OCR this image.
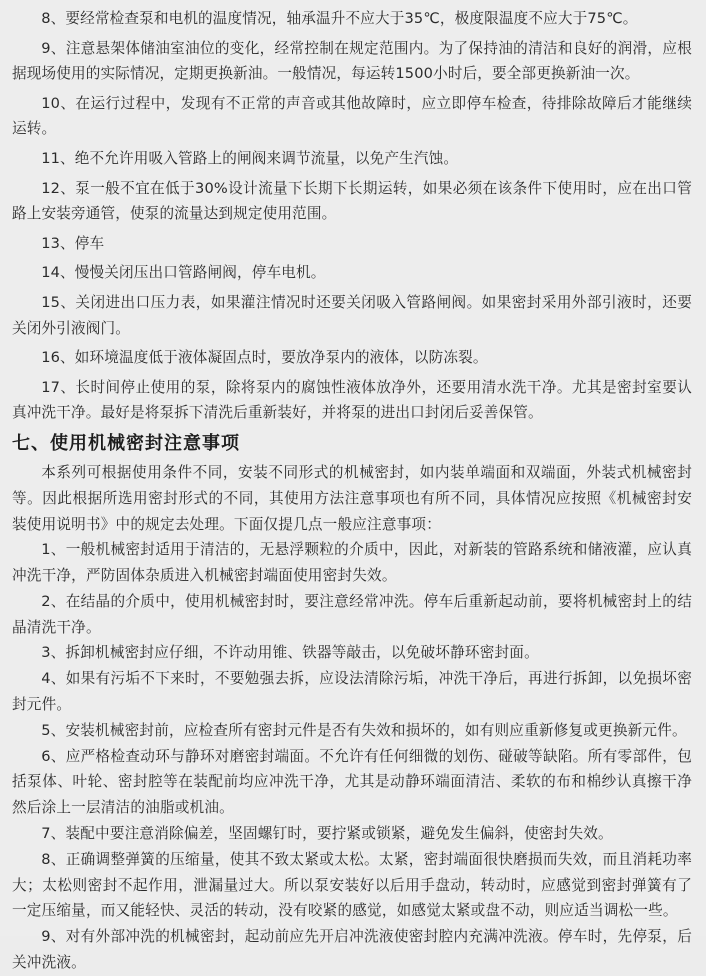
8、要经常检查泵和电机的温度情况，轴承温升不应大于35℃，极度限温度不应大于75℃。

9、注意悬架体储油室油位的变化，经常控制在规定范围内。为了保持油的清洁和良好的润滑，应根据现场使用的实际情况，定期更换新油。一般情况，每运转1500小时后，要全部更换新油一次。

10、在运行过程中，发现有不正常的声音或其他故障时，应立即停车检查，待排除故障后才能继续运转。

11、绝不允许用吸入管路上的闸阀来调节流量，以免产生汽蚀。

12、泵一般不宜在低于30%设计流量下长期下长期运转，如果必须在该条件下使用时，应在出口管路上安装旁通管，使泵的流量达到规定使用范围。

13、停车

14、慢慢关闭压出口管路闸阀，停车电机。

15、关闭进出口压力表，如果灌注情况时还要关闭吸入管路闸阀。如果密封采用外部引液时，还要关闭外引液阀门。

16、如环境温度低于液体凝固点时，要放净泵内的液体，以防冻裂。

17、长时间停止使用的泵，除将泵内的腐蚀性液体放净外，还要用清水洗干净。尤其是密封室要认真冲洗干净。最好是将泵拆下清洗后重新装好，并将泵的进出口封闭后妥善保管。

七、使用机械密封注意事项

本系列可根据使用条件不同，安装不同形式的机械密封，如内装单端面和双端面，外装式机械密封等。因此根据所选用密封形式的不同，其使用方法注意事项也有所不同，具体情况应按照《机械密封安装使用说明书》中的规定去处理。下面仅提几点一般应注意事项：

1、一般机械密封适用于清洁的，无悬浮颗粒的介质中，因此，对新装的管路系统和储液灌，应认真冲洗干净，严防固体杂质进入机械密封端面使用密封失效。

2、在结晶的介质中，使用机械密封时，要注意经常冲洗。停车后重新起动前，要将机械密封上的结晶清洗干净。

3、拆卸机械密封应仔细，不许动用锥、铁器等敲击，以免破坏静环密封面。

4、如果有污垢不下来时，不要勉强去拆，应设法清除污垢，冲洗干净后，再进行拆卸，以免损坏密封元件。

5、安装机械密封前，应检查所有密封元件是否有失效和损坏的，如有则应重新修复或更换新元件。

6、应严格检查动环与静环对磨密封端面。不允许有任何细微的划伤、碰破等缺陷。所有零部件，包括泵体、叶轮、密封腔等在装配前均应冲洗干净，尤其是动静环端面清洁、柔软的布和棉纱认真擦干净然后涂上一层清洁的油脂或机油。

7、装配中要注意消除偏差，坚固螺钉时，要拧紧或锁紧，避免发生偏斜，使密封失效。

8、正确调整弹簧的压缩量，使其不致太紧或太松。太紧，密封端面很快磨损而失效，而且消耗功率大；太松则密封不起作用，泄漏量过大。所以泵安装好以后用手盘动，转动时，应感觉到密封弹簧有了一定压缩量，而又能轻快、灵活的转动，没有咬紧的感觉，如感觉太紧或盘不动，则应适当调松一些。

9、对有外部冲洗的机械密封，起动前应先开启冲洗液使密封腔内充满冲洗液。停车时，先停泵，后关冲洗液。
